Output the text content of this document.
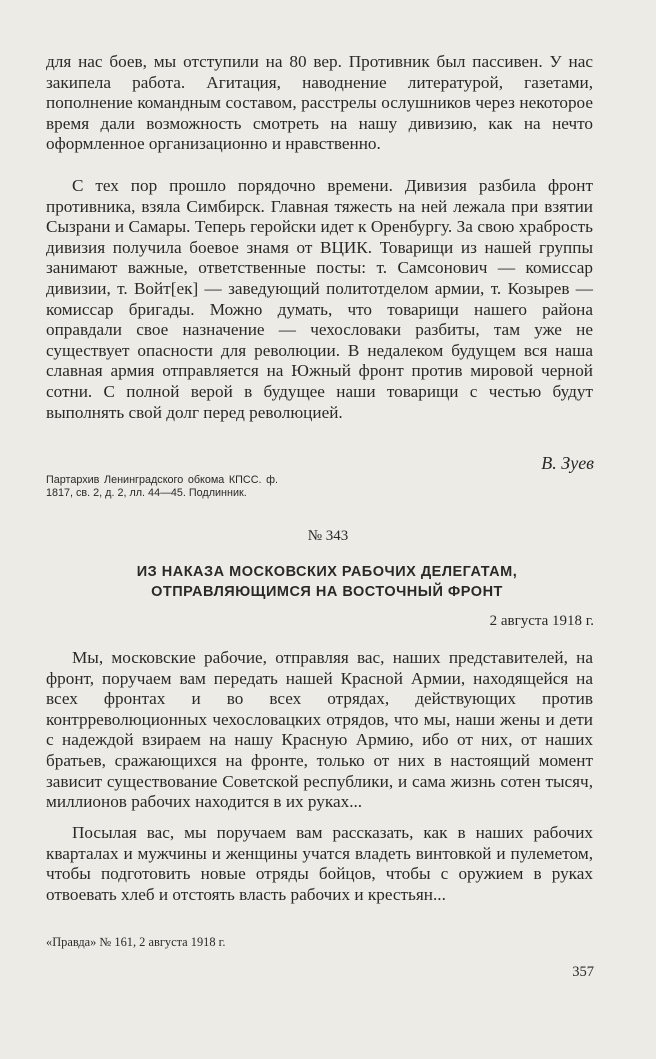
для нас боев, мы отступили на 80 вер. Противник был пассивен. У нас закипела работа. Агитация, наводнение литературой, газетами, пополнение командным составом, расстрелы ослушников через некоторое время дали возможность смотреть на нашу дивизию, как на нечто оформленное организационно и нравственно.

С тех пор прошло порядочно времени. Дивизия разбила фронт противника, взяла Симбирск. Главная тяжесть на ней лежала при взятии Сызрани и Самары. Теперь геройски идет к Оренбургу. За свою храбрость дивизия получила боевое знамя от ВЦИК. Товарищи из нашей группы занимают важные, ответственные посты: т. Самсонович — комиссар дивизии, т. Войт[ек] — заведующий политотделом армии, т. Козырев — комиссар бригады. Можно думать, что товарищи нашего района оправдали свое назначение — чехословаки разбиты, там уже не существует опасности для революции. В недалеком будущем вся наша славная армия отправляется на Южный фронт против мировой черной сотни. С полной верой в будущее наши товарищи с честью будут выполнять свой долг перед революцией.

В. Зуев
Партархив Ленинградского обкома КПСС. ф. 1817, св. 2, д. 2, лл. 44—45. Подлинник.
№ 343
ИЗ НАКАЗА МОСКОВСКИХ РАБОЧИХ ДЕЛЕГАТАМ,
ОТПРАВЛЯЮЩИМСЯ НА ВОСТОЧНЫЙ ФРОНТ
2 августа 1918 г.

Мы, московские рабочие, отправляя вас, наших представителей, на фронт, поручаем вам передать нашей Красной Армии, находящейся на всех фронтах и во всех отрядах, действующих против контрреволюционных чехословацких отрядов, что мы, наши жены и дети с надеждой взираем на нашу Красную Армию, ибо от них, от наших братьев, сражающихся на фронте, только от них в настоящий момент зависит существование Советской республики, и сама жизнь сотен тысяч, миллионов рабочих находится в их руках...

Посылая вас, мы поручаем вам рассказать, как в наших рабочих кварталах и мужчины и женщины учатся владеть винтовкой и пулеметом, чтобы подготовить новые отряды бойцов, чтобы с оружием в руках отвоевать хлеб и отстоять власть рабочих и крестьян...

«Правда» № 161, 2 августа 1918 г.
357
